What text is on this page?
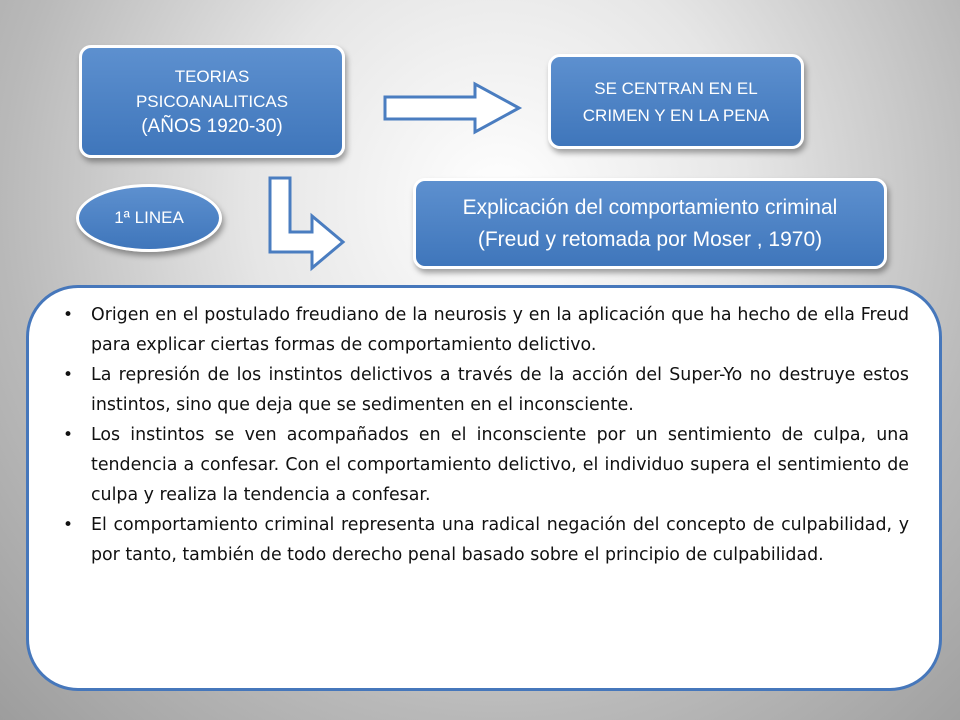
TEORIAS
PSICOANALITICAS
(AÑOS 1920-30)
SE CENTRAN EN EL
CRIMEN Y EN LA PENA
1ª LINEA	Explicación del comportamiento criminal
(Freud y retomada por Moser , 1970)
• Origen en el postulado freudiano de la neurosis y en la aplicación que ha hecho de ella Freud para explicar ciertas formas de comportamiento delictivo.
• La represión de los instintos delictivos a través de la acción del Super-Yo no destruye estos instintos, sino que deja que se sedimenten en el inconsciente.
• Los instintos se ven acompañados en el inconsciente por un sentimiento de culpa, una tendencia a confesar. Con el comportamiento delictivo, el individuo supera el sentimiento de culpa y realiza la tendencia a confesar.
• El comportamiento criminal representa una radical negación del concepto de culpabilidad, y por tanto, también de todo derecho penal basado sobre el principio de culpabilidad.
